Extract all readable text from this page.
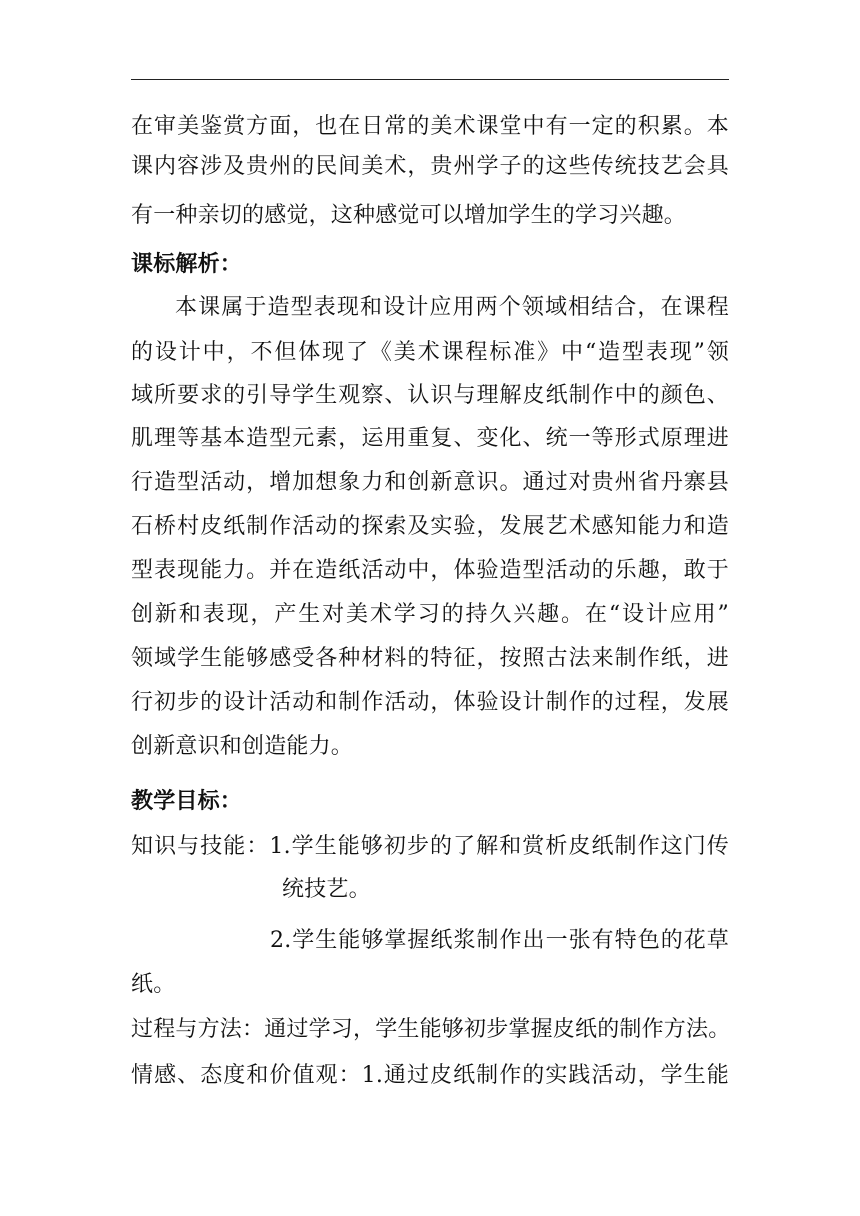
在审美鉴赏方面，也在日常的美术课堂中有一定的积累。本
课内容涉及贵州的民间美术，贵州学子的这些传统技艺会具
有一种亲切的感觉，这种感觉可以增加学生的学习兴趣。
课标解析：
本课属于造型表现和设计应用两个领域相结合，在课程
的设计中，不但体现了《美术课程标准》中“造型表现”领
域所要求的引导学生观察、认识与理解皮纸制作中的颜色、
肌理等基本造型元素，运用重复、变化、统一等形式原理进
行造型活动，增加想象力和创新意识。通过对贵州省丹寨县
石桥村皮纸制作活动的探索及实验，发展艺术感知能力和造
型表现能力。并在造纸活动中，体验造型活动的乐趣，敢于
创新和表现，产生对美术学习的持久兴趣。在“设计应用”
领域学生能够感受各种材料的特征，按照古法来制作纸，进
行初步的设计活动和制作活动，体验设计制作的过程，发展
创新意识和创造能力。
教学目标：
知识与技能：1.学生能够初步的了解和赏析皮纸制作这门传
统技艺。
2.学生能够掌握纸浆制作出一张有特色的花草
纸。
过程与方法：通过学习，学生能够初步掌握皮纸的制作方法。
情感、态度和价值观：1.通过皮纸制作的实践活动，学生能
